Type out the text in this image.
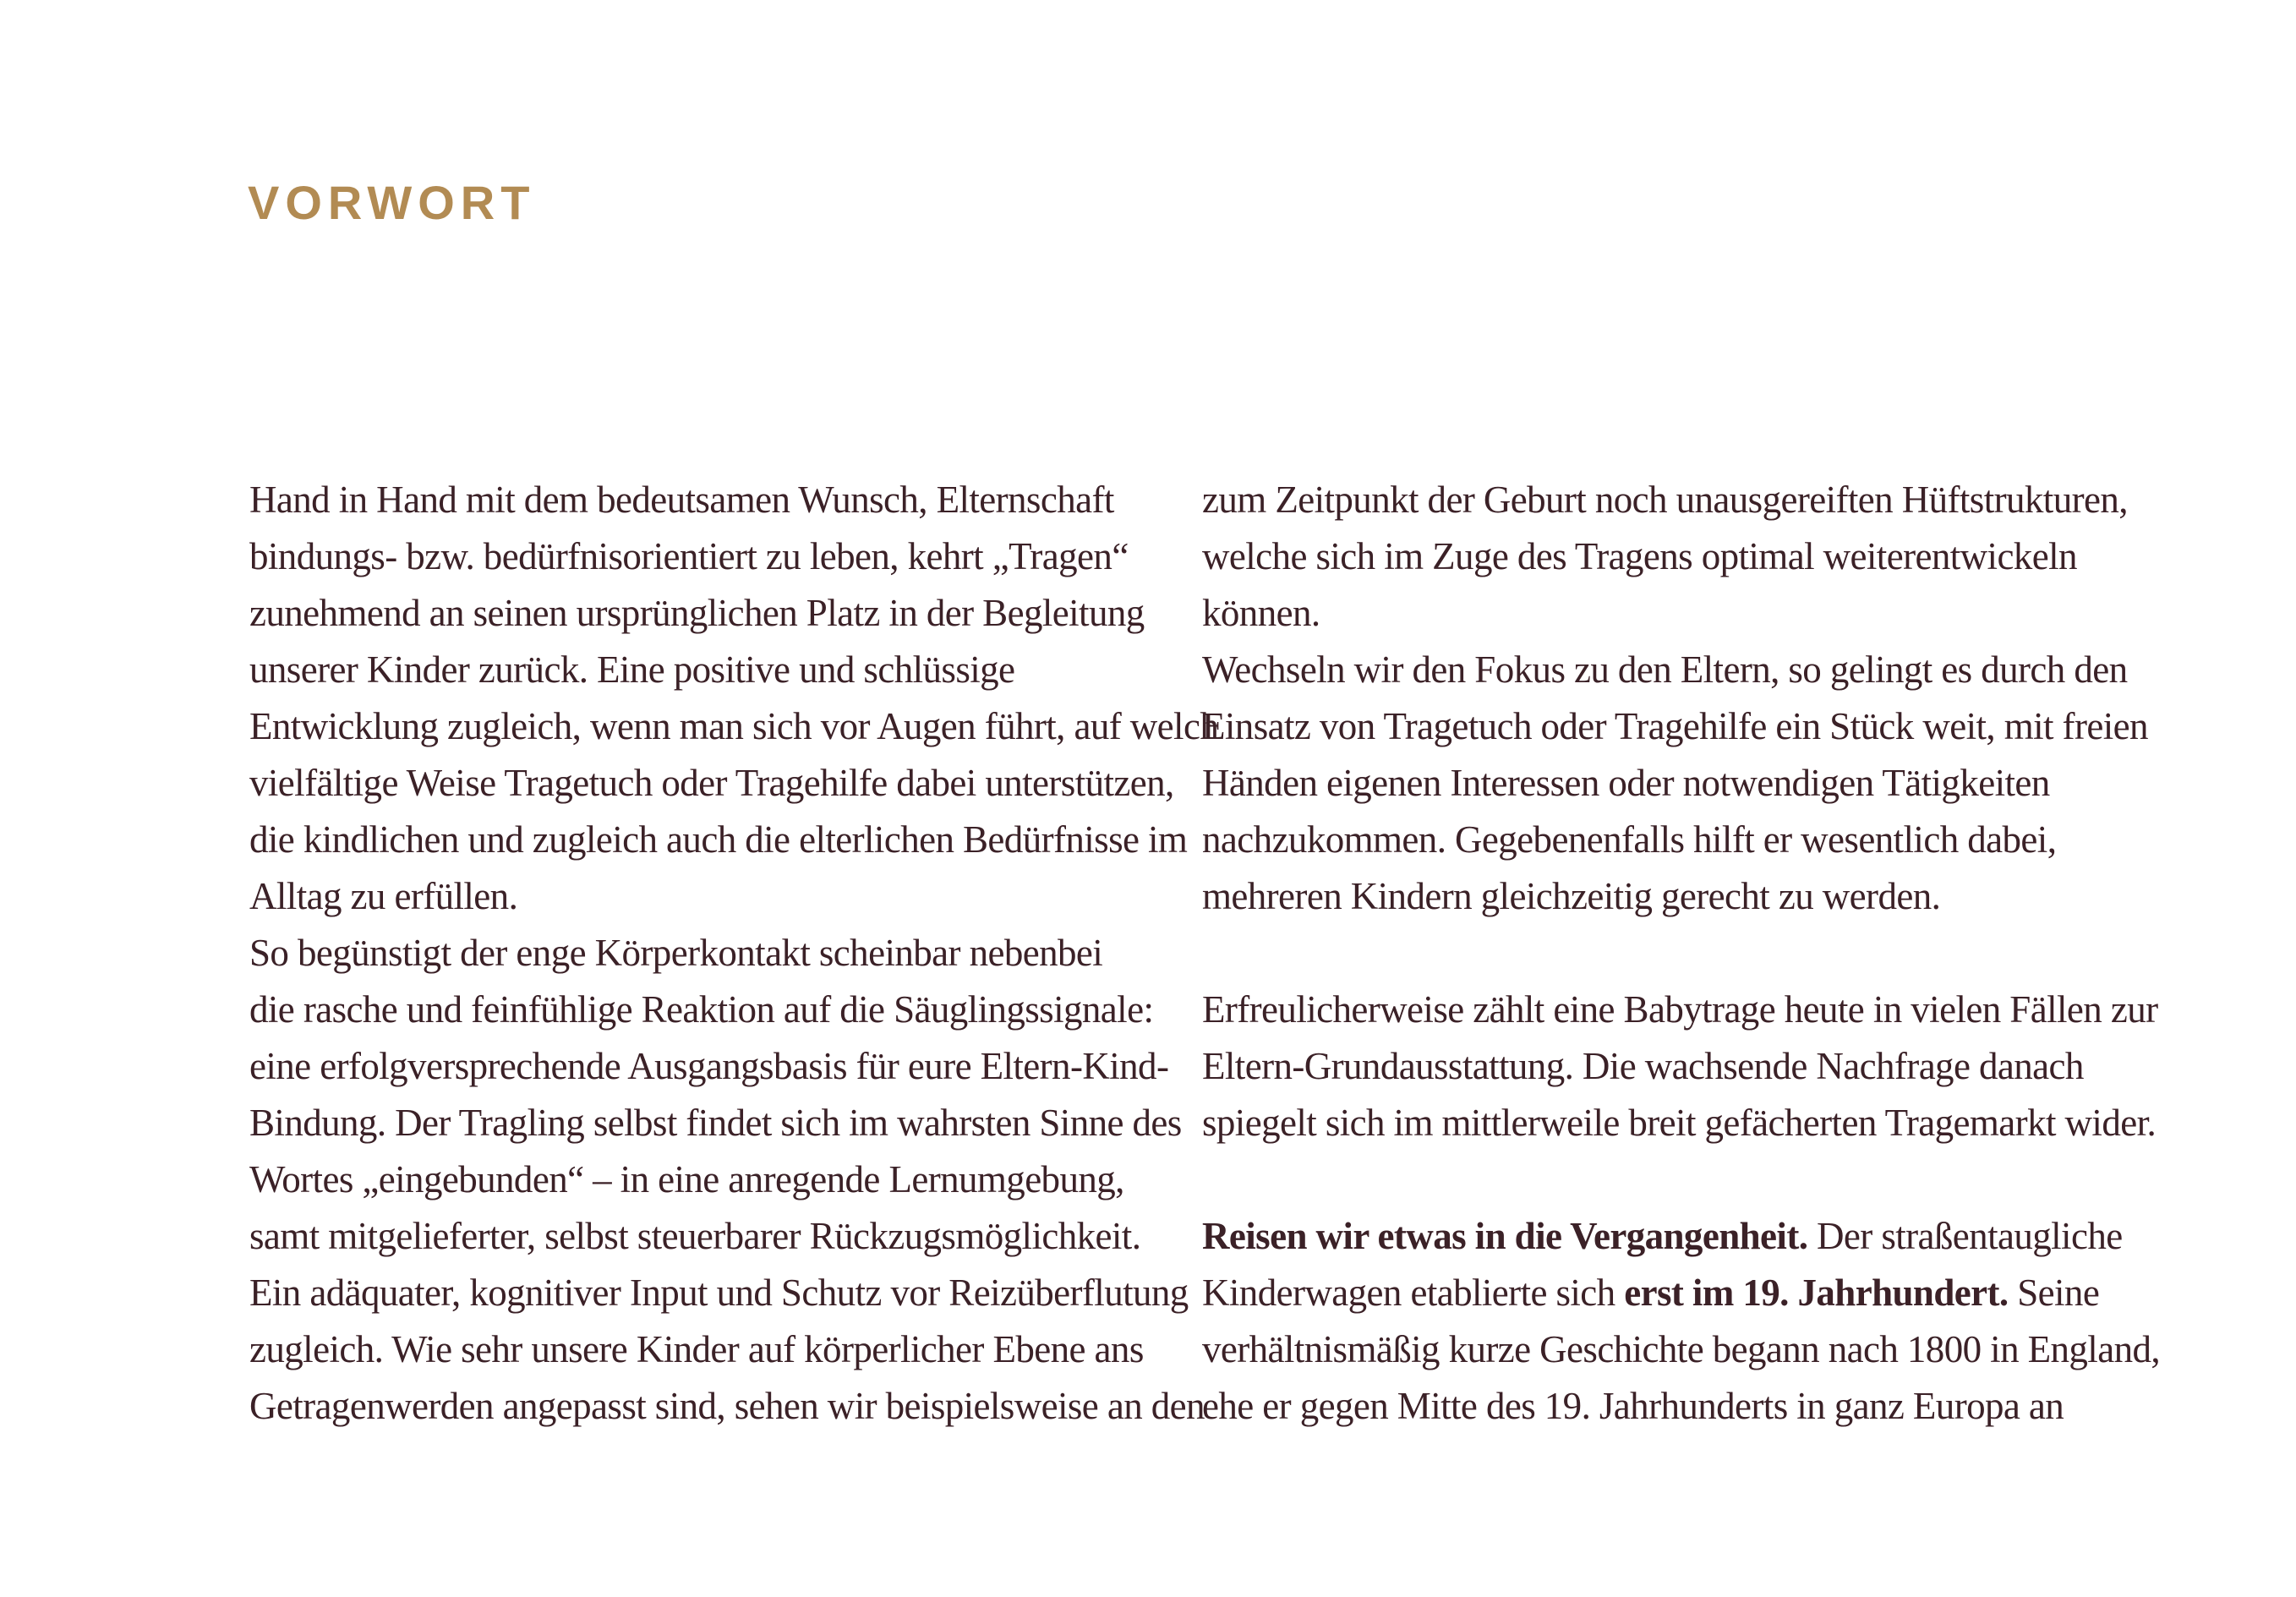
VORWORT
Hand in Hand mit dem bedeutsamen Wunsch, Elternschaft
bindungs- bzw. bedürfnisorientiert zu leben, kehrt „Tragen“
zunehmend an seinen ursprünglichen Platz in der Begleitung
unserer Kinder zurück. Eine positive und schlüssige
Entwicklung zugleich, wenn man sich vor Augen führt, auf welch
vielfältige Weise Tragetuch oder Tragehilfe dabei unterstützen,
die kindlichen und zugleich auch die elterlichen Bedürfnisse im
Alltag zu erfüllen.
So begünstigt der enge Körperkontakt scheinbar nebenbei
die rasche und feinfühlige Reaktion auf die Säuglingssignale:
eine erfolgversprechende Ausgangsbasis für eure Eltern-Kind-
Bindung. Der Tragling selbst findet sich im wahrsten Sinne des
Wortes „eingebunden“ – in eine anregende Lernumgebung,
samt mitgelieferter, selbst steuerbarer Rückzugsmöglichkeit.
Ein adäquater, kognitiver Input und Schutz vor Reizüberflutung
zugleich. Wie sehr unsere Kinder auf körperlicher Ebene ans
Getragenwerden angepasst sind, sehen wir beispielsweise an den
zum Zeitpunkt der Geburt noch unausgereiften Hüftstrukturen,
welche sich im Zuge des Tragens optimal weiterentwickeln
können.
Wechseln wir den Fokus zu den Eltern, so gelingt es durch den
Einsatz von Tragetuch oder Tragehilfe ein Stück weit, mit freien
Händen eigenen Interessen oder notwendigen Tätigkeiten
nachzukommen. Gegebenenfalls hilft er wesentlich dabei,
mehreren Kindern gleichzeitig gerecht zu werden.

Erfreulicherweise zählt eine Babytrage heute in vielen Fällen zur
Eltern-Grundausstattung. Die wachsende Nachfrage danach
spiegelt sich im mittlerweile breit gefächerten Tragemarkt wider.

Reisen wir etwas in die Vergangenheit. Der straßentaugliche
Kinderwagen etablierte sich erst im 19. Jahrhundert. Seine
verhältnismäßig kurze Geschichte begann nach 1800 in England,
ehe er gegen Mitte des 19. Jahrhunderts in ganz Europa an
